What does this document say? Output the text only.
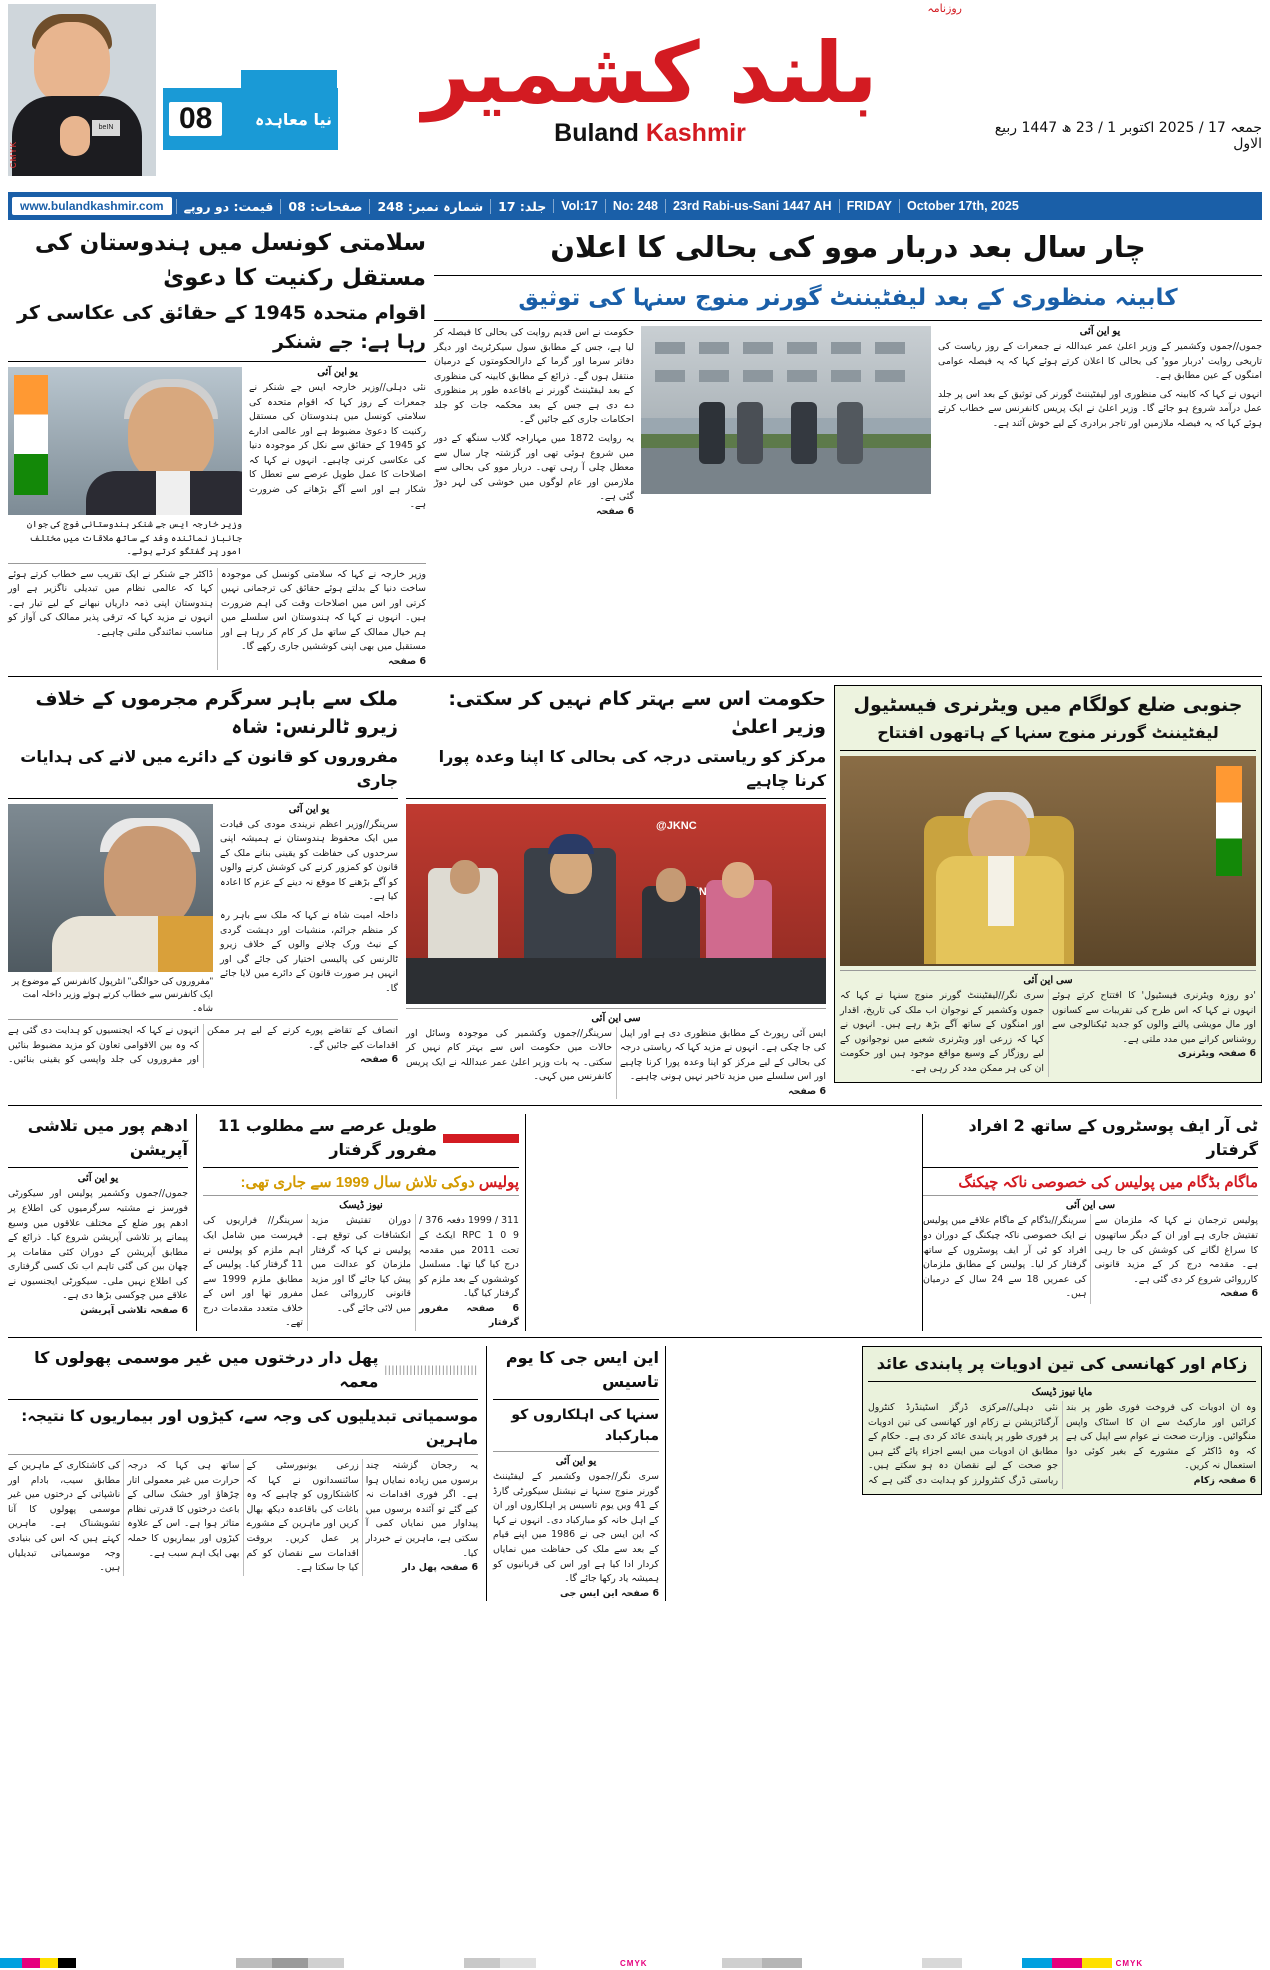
beIN
CMYK
08	نیا معاہدہ
روزنامہ
بلند کشمیر
Buland Kashmir	جمعہ 17 / 2025 اکتوبر 1 / 23 ھ 1447 ربیع الاول
www.bulandkashmir.com	قیمت: دو روپے	صفحات: 08	شمارہ نمبر: 248	جلد: 17	Vol:17	No: 248	23rd Rabi-us-Sani 1447 AH	FRIDAY	October 17th, 2025
سلامتی کونسل میں ہندوستان کی مستقل رکنیت کا دعویٰ
اقوام متحدہ 1945 کے حقائق کی عکاسی کر رہا ہے: جے شنکر
وزیر خارجہ ایس جے شنکر ہندوستانی فوج کی جوان جانباز نمائندہ وفد کے ساتھ ملاقات میں مختلف امور پر گفتگو کرتے ہوئے۔
یو این آئی
نئی دہلی//وزیر خارجہ ایس جے شنکر نے جمعرات کے روز کہا کہ اقوام متحدہ کی سلامتی کونسل میں ہندوستان کی مستقل رکنیت کا دعویٰ مضبوط ہے اور عالمی ادارے کو 1945 کے حقائق سے نکل کر موجودہ دنیا کی عکاسی کرنی چاہیے۔ انہوں نے کہا کہ اصلاحات کا عمل طویل عرصے سے تعطل کا شکار ہے اور اسے آگے بڑھانے کی ضرورت ہے۔
ڈاکٹر جے شنکر نے ایک تقریب سے خطاب کرتے ہوئے کہا کہ عالمی نظام میں تبدیلی ناگزیر ہے اور ہندوستان اپنی ذمہ داریاں نبھانے کے لیے تیار ہے۔ انہوں نے مزید کہا کہ ترقی پذیر ممالک کی آواز کو مناسب نمائندگی ملنی چاہیے۔
وزیر خارجہ نے کہا کہ سلامتی کونسل کی موجودہ ساخت دنیا کے بدلتے ہوئے حقائق کی ترجمانی نہیں کرتی اور اس میں اصلاحات وقت کی اہم ضرورت ہیں۔ انہوں نے کہا کہ ہندوستان اس سلسلے میں ہم خیال ممالک کے ساتھ مل کر کام کر رہا ہے اور مستقبل میں بھی اپنی کوششیں جاری رکھے گا۔
6 صفحہ
چار سال بعد دربار موو کی بحالی کا اعلان
کابینہ منظوری کے بعد لیفٹیننٹ گورنر منوج سنہا کی توثیق
حکومت نے اس قدیم روایت کی بحالی کا فیصلہ کر لیا ہے، جس کے مطابق سول سیکرٹریٹ اور دیگر دفاتر سرما اور گرما کے دارالحکومتوں کے درمیان منتقل ہوں گے۔ ذرائع کے مطابق کابینہ کی منظوری کے بعد لیفٹیننٹ گورنر نے باقاعدہ طور پر منظوری دے دی ہے جس کے بعد محکمہ جات کو جلد احکامات جاری کیے جائیں گے۔
یہ روایت 1872 میں مہاراجہ گلاب سنگھ کے دور میں شروع ہوئی تھی اور گزشتہ چار سال سے معطل چلی آ رہی تھی۔ دربار موو کی بحالی سے ملازمین اور عام لوگوں میں خوشی کی لہر دوڑ گئی ہے۔
6 صفحہ
یو این آئی
جموں//جموں وکشمیر کے وزیر اعلیٰ عمر عبداللہ نے جمعرات کے روز ریاست کی تاریخی روایت 'دربار موو' کی بحالی کا اعلان کرتے ہوئے کہا کہ یہ فیصلہ عوامی امنگوں کے عین مطابق ہے۔
انہوں نے کہا کہ کابینہ کی منظوری اور لیفٹیننٹ گورنر کی توثیق کے بعد اس پر جلد عمل درآمد شروع ہو جائے گا۔ وزیر اعلیٰ نے ایک پریس کانفرنس سے خطاب کرتے ہوئے کہا کہ یہ فیصلہ ملازمین اور تاجر برادری کے لیے خوش آئند ہے۔
ملک سے باہر سرگرم مجرموں کے خلاف زیرو ٹالرنس: شاہ
مفروروں کو قانون کے دائرے میں لانے کی ہدایات جاری
"مفروروں کی حوالگی" انٹرپول کانفرنس کے موضوع پر ایک کانفرنس سے خطاب کرتے ہوئے وزیر داخلہ امت شاہ۔
یو این آئی
سرینگر//وزیر اعظم نریندی مودی کی قیادت میں ایک محفوظ ہندوستان نے ہمیشہ اپنی سرحدوں کی حفاظت کو یقینی بنانے ملک کے قانون کو کمزور کرنے کی کوشش کرنے والوں کو آگے بڑھنے کا موقع نہ دینے کے عزم کا اعادہ کیا ہے۔
داخلہ امیت شاہ نے کہا کہ ملک سے باہر رہ کر منظم جرائم، منشیات اور دہشت گردی کے نیٹ ورک چلانے والوں کے خلاف زیرو ٹالرنس کی پالیسی اختیار کی جائے گی اور انہیں ہر صورت قانون کے دائرے میں لایا جائے گا۔
انہوں نے کہا کہ ایجنسیوں کو ہدایت دی گئی ہے کہ وہ بین الاقوامی تعاون کو مزید مضبوط بنائیں اور مفروروں کی جلد واپسی کو یقینی بنائیں۔ انصاف کے تقاضے پورے کرنے کے لیے ہر ممکن اقدامات کیے جائیں گے۔
6 صفحہ
حکومت اس سے بہتر کام نہیں کر سکتی: وزیر اعلیٰ
مرکز کو ریاستی درجہ کی بحالی کا اپنا وعدہ پورا کرنا چاہیے
@JKNC
سی این آئی
سرینگر//جموں وکشمیر کی موجودہ وسائل اور حالات میں حکومت اس سے بہتر کام نہیں کر سکتی۔ یہ بات وزیر اعلیٰ عمر عبداللہ نے ایک پریس کانفرنس میں کہی۔
ایس آئی رپورٹ کے مطابق منظوری دی ہے اور اپیل کی جا چکی ہے۔ انہوں نے مزید کہا کہ ریاستی درجہ کی بحالی کے لیے مرکز کو اپنا وعدہ پورا کرنا چاہیے اور اس سلسلے میں مزید تاخیر نہیں ہونی چاہیے۔
6 صفحہ
جنوبی ضلع کولگام میں ویٹرنری فیسٹیول
لیفٹیننٹ گورنر منوج سنہا کے ہاتھوں افتتاح
سی این آئی
سری نگر//لیفٹیننٹ گورنر منوج سنہا نے کہا کہ جموں وکشمیر کے نوجوان اب ملک کی تاریخ، اقدار اور امنگوں کے ساتھ آگے بڑھ رہے ہیں۔ انہوں نے کہا کہ زرعی اور ویٹرنری شعبے میں نوجوانوں کے لیے روزگار کے وسیع مواقع موجود ہیں اور حکومت ان کی ہر ممکن مدد کر رہی ہے۔
'دو روزہ ویٹرنری فیسٹیول' کا افتتاح کرتے ہوئے انہوں نے کہا کہ اس طرح کی تقریبات سے کسانوں اور مال مویشی پالنے والوں کو جدید ٹیکنالوجی سے روشناس کرانے میں مدد ملتی ہے۔
6 صفحہ ویٹرنری
ادھم پور میں تلاشی آپریشن
یو این آئی
جموں//جموں وکشمیر پولیس اور سیکورٹی فورسز نے مشتبہ سرگرمیوں کی اطلاع پر ادھم پور ضلع کے مختلف علاقوں میں وسیع پیمانے پر تلاشی آپریشن شروع کیا۔ ذرائع کے مطابق آپریشن کے دوران کئی مقامات پر چھان بین کی گئی تاہم اب تک کسی گرفتاری کی اطلاع نہیں ملی۔ سیکورٹی ایجنسیوں نے علاقے میں چوکسی بڑھا دی ہے۔
6 صفحہ تلاشی آپریشن
طویل عرصے سے مطلوب 11 مفرور گرفتار
پولیس دوکی تلاش سال 1999 سے جاری تھی:
نیوز ڈیسک
سرینگر// فراریوں کی فہرست میں شامل ایک اہم ملزم کو پولیس نے 11 گرفتار کیا۔ پولیس کے مطابق ملزم 1999 سے مفرور تھا اور اس کے خلاف متعدد مقدمات درج تھے۔
دوران تفتیش مزید انکشافات کی توقع ہے۔ پولیس نے کہا کہ گرفتار ملزمان کو عدالت میں پیش کیا جائے گا اور مزید قانونی کارروائی عمل میں لائی جائے گی۔
311 / 1999 دفعہ 376 / 9 0 1 RPC ایکٹ کے تحت 2011 میں مقدمہ درج کیا گیا تھا۔ مسلسل کوششوں کے بعد ملزم کو گرفتار کیا گیا۔
6 صفحہ مفرور گرفتار
ٹی آر ایف پوسٹروں کے ساتھ 2 افراد گرفتار
ماگام بڈگام میں پولیس کی خصوصی ناکہ چیکنگ
سی این آئی
سرینگر//بڈگام کے ماگام علاقے میں پولیس نے ایک خصوصی ناکہ چیکنگ کے دوران دو افراد کو ٹی آر ایف پوسٹروں کے ساتھ گرفتار کر لیا۔ پولیس کے مطابق ملزمان کی عمریں 18 سے 24 سال کے درمیان ہیں۔
پولیس ترجمان نے کہا کہ ملزمان سے تفتیش جاری ہے اور ان کے دیگر ساتھیوں کا سراغ لگانے کی کوشش کی جا رہی ہے۔ مقدمہ درج کر کے مزید قانونی کارروائی شروع کر دی گئی ہے۔
6 صفحہ
پھل دار درختوں میں غیر موسمی پھولوں کا معمہ
||||||||||||||||||||||||||
موسمیاتی تبدیلیوں کی وجہ سے، کیڑوں اور بیماریوں کا نتیجہ: ماہرین
کی کاشتکاری کے ماہرین کے مطابق سیب، بادام اور ناشپاتی کے درختوں میں غیر موسمی پھولوں کا آنا تشویشناک ہے۔ ماہرین کہتے ہیں کہ اس کی بنیادی وجہ موسمیاتی تبدیلیاں ہیں۔
ساتھ ہی کہا کہ درجہ حرارت میں غیر معمولی اتار چڑھاؤ اور خشک سالی کے باعث درختوں کا قدرتی نظام متاثر ہوا ہے۔ اس کے علاوہ کیڑوں اور بیماریوں کا حملہ بھی ایک اہم سبب ہے۔
زرعی یونیورسٹی کے سائنسدانوں نے کہا کہ کاشتکاروں کو چاہیے کہ وہ باغات کی باقاعدہ دیکھ بھال کریں اور ماہرین کے مشورے پر عمل کریں۔ بروقت اقدامات سے نقصان کو کم کیا جا سکتا ہے۔
یہ رجحان گزشتہ چند برسوں میں زیادہ نمایاں ہوا ہے۔ اگر فوری اقدامات نہ کیے گئے تو آئندہ برسوں میں پیداوار میں نمایاں کمی آ سکتی ہے، ماہرین نے خبردار کیا۔
6 صفحہ پھل دار
این ایس جی کا یوم تاسیس
سنہا کی اہلکاروں کو مبارکباد
یو این آئی
سری نگر//جموں وکشمیر کے لیفٹیننٹ گورنر منوج سنہا نے نیشنل سیکورٹی گارڈ کے 41 ویں یوم تاسیس پر اہلکاروں اور ان کے اہل خانہ کو مبارکباد دی۔ انہوں نے کہا کہ این ایس جی نے 1986 میں اپنے قیام کے بعد سے ملک کی حفاظت میں نمایاں کردار ادا کیا ہے اور اس کی قربانیوں کو ہمیشہ یاد رکھا جائے گا۔
6 صفحہ این ایس جی
زکام اور کھانسی کی تین ادویات پر پابندی عائد
مایا نیوز ڈیسک
نئی دہلی//مرکزی ڈرگز اسٹینڈرڈ کنٹرول آرگنائزیشن نے زکام اور کھانسی کی تین ادویات پر فوری طور پر پابندی عائد کر دی ہے۔ حکام کے مطابق ان ادویات میں ایسے اجزاء پائے گئے ہیں جو صحت کے لیے نقصان دہ ہو سکتے ہیں۔ ریاستی ڈرگ کنٹرولرز کو ہدایت دی گئی ہے کہ وہ ان ادویات کی فروخت فوری طور پر بند کرائیں اور مارکیٹ سے ان کا اسٹاک واپس منگوائیں۔ وزارت صحت نے عوام سے اپیل کی ہے کہ وہ ڈاکٹر کے مشورے کے بغیر کوئی دوا استعمال نہ کریں۔
6 صفحہ زکام
CMYK	CMYK
